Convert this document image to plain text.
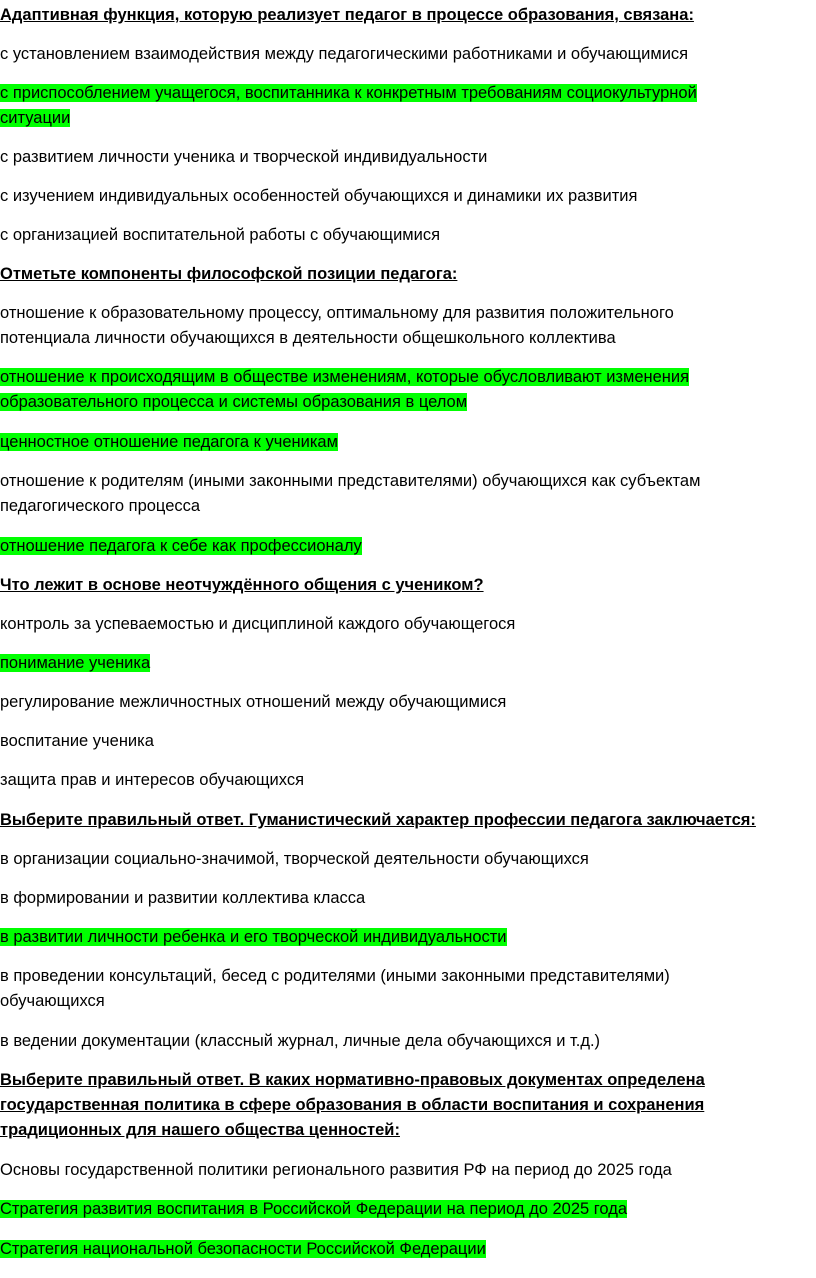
Адаптивная функция, которую реализует педагог в процессе образования, связана:

с установлением взаимодействия между педагогическими работниками и обучающимися

с приспособлением учащегося, воспитанника к конкретным требованиям социокультурной
ситуации

с развитием личности ученика и творческой индивидуальности

с изучением индивидуальных особенностей обучающихся и динамики их развития

с организацией воспитательной работы с обучающимися

Отметьте компоненты философской позиции педагога:

отношение к образовательному процессу, оптимальному для развития положительного
потенциала личности обучающихся в деятельности общешкольного коллектива

отношение к происходящим в обществе изменениям, которые обусловливают изменения
образовательного процесса и системы образования в целом

ценностное отношение педагога к ученикам

отношение к родителям (иными законными представителями) обучающихся как субъектам
педагогического процесса

отношение педагога к себе как профессионалу

Что лежит в основе неотчуждённого общения с учеником?

контроль за успеваемостью и дисциплиной каждого обучающегося

понимание ученика

регулирование межличностных отношений между обучающимися

воспитание ученика

защита прав и интересов обучающихся

Выберите правильный ответ. Гуманистический характер профессии педагога заключается:

в организации социально-значимой, творческой деятельности обучающихся

в формировании и развитии коллектива класса

в развитии личности ребенка и его творческой индивидуальности

в проведении консультаций, бесед с родителями (иными законными представителями)
обучающихся

в ведении документации (классный журнал, личные дела обучающихся и т.д.)

Выберите правильный ответ. В каких нормативно-правовых документах определена
государственная политика в сфере образования в области воспитания и сохранения
традиционных для нашего общества ценностей:

Основы государственной политики регионального развития РФ на период до 2025 года

Стратегия развития воспитания в Российской Федерации на период до 2025 года

Стратегия национальной безопасности Российской Федерации
